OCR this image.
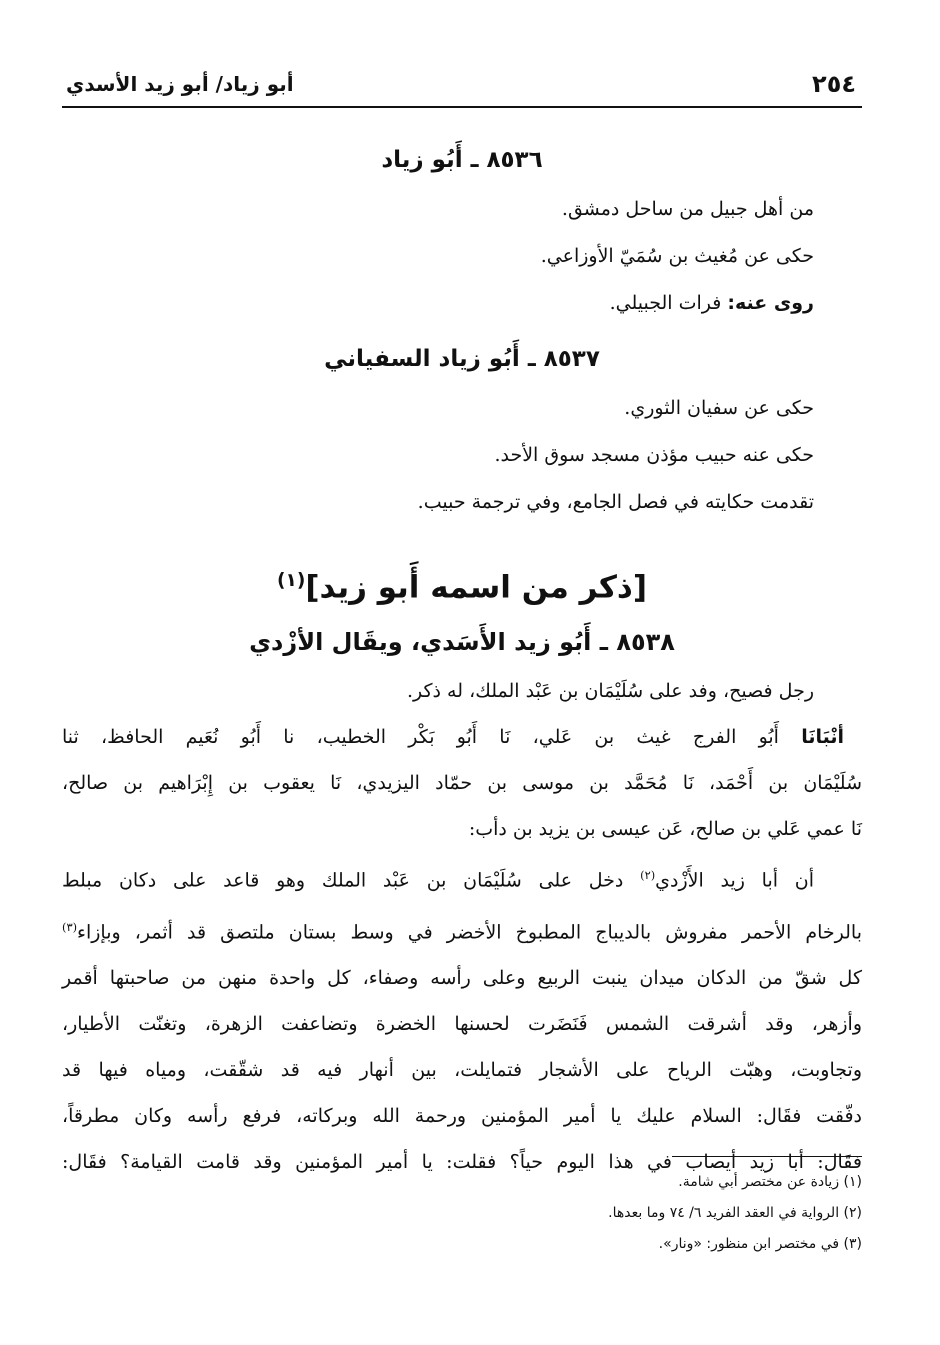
٢٥٤
أبو زياد/ أبو زيد الأسدي

٨٥٣٦ ـ أَبُو زياد

من أهل جبيل من ساحل دمشق.

حكى عن مُغيث بن سُمَيّ الأوزاعي.

روى عنه: فرات الجبيلي.

٨٥٣٧ ـ أَبُو زياد السفياني

حكى عن سفيان الثوري.

حكى عنه حبيب مؤذن مسجد سوق الأحد.

تقدمت حكايته في فصل الجامع، وفي ترجمة حبيب.

[ذكر من اسمه أَبو زيد]$^{(١)}$

٨٥٣٨ ـ أَبُو زيد الأَسَدي، ويقَال الأزْدي

رجل فصيح، وفد على سُلَيْمَان بن عَبْد الملك، له ذكر.

أنْبَانَا أَبُو الفرج غيث بن عَلي، نَا أَبُو بَكْر الخطيب، نا أَبُو نُعَيم الحافظ، ثنا

سُلَيْمَان بن أَحْمَد، نَا مُحَمَّد بن موسى بن حمّاد اليزيدي، نَا يعقوب بن إِبْرَاهيم بن صالح،

نَا عمي عَلي بن صالح، عَن عيسى بن يزيد بن دأب:

أن أبا زيد الأَزْدي$^{(٢)}$ دخل على سُلَيْمَان بن عَبْد الملك وهو قاعد على دكان مبلط

بالرخام الأحمر مفروش بالديباج المطبوخ الأخضر في وسط بستان ملتصق قد أثمر، وبإزاء$^{(٣)}$

كل شقّ من الدكان ميدان ينبت الربيع وعلى رأسه وصفاء، كل واحدة منهن من صاحبتها أقمر

وأزهر، وقد أشرقت الشمس فَنَضَرت لحسنها الخضرة وتضاعفت الزهرة، وتغنّت الأطيار،

وتجاوبت، وهبّت الرياح على الأشجار فتمايلت، بين أنهار فيه قد شقّقت، ومياه فيها قد

دفّقت فقَال: السلام عليك يا أمير المؤمنين ورحمة الله وبركاته، فرفع رأسه وكان مطرقاً،

فقَال: أبا زيد أيصاب في هذا اليوم حياً؟ فقلت: يا أمير المؤمنين وقد قامت القيامة؟ فقَال:

(١) زيادة عن مختصر أبي شامة.

(٢) الرواية في العقد الفريد ٦/ ٧٤ وما بعدها.

(٣) في مختصر ابن منظور: «ونار».
